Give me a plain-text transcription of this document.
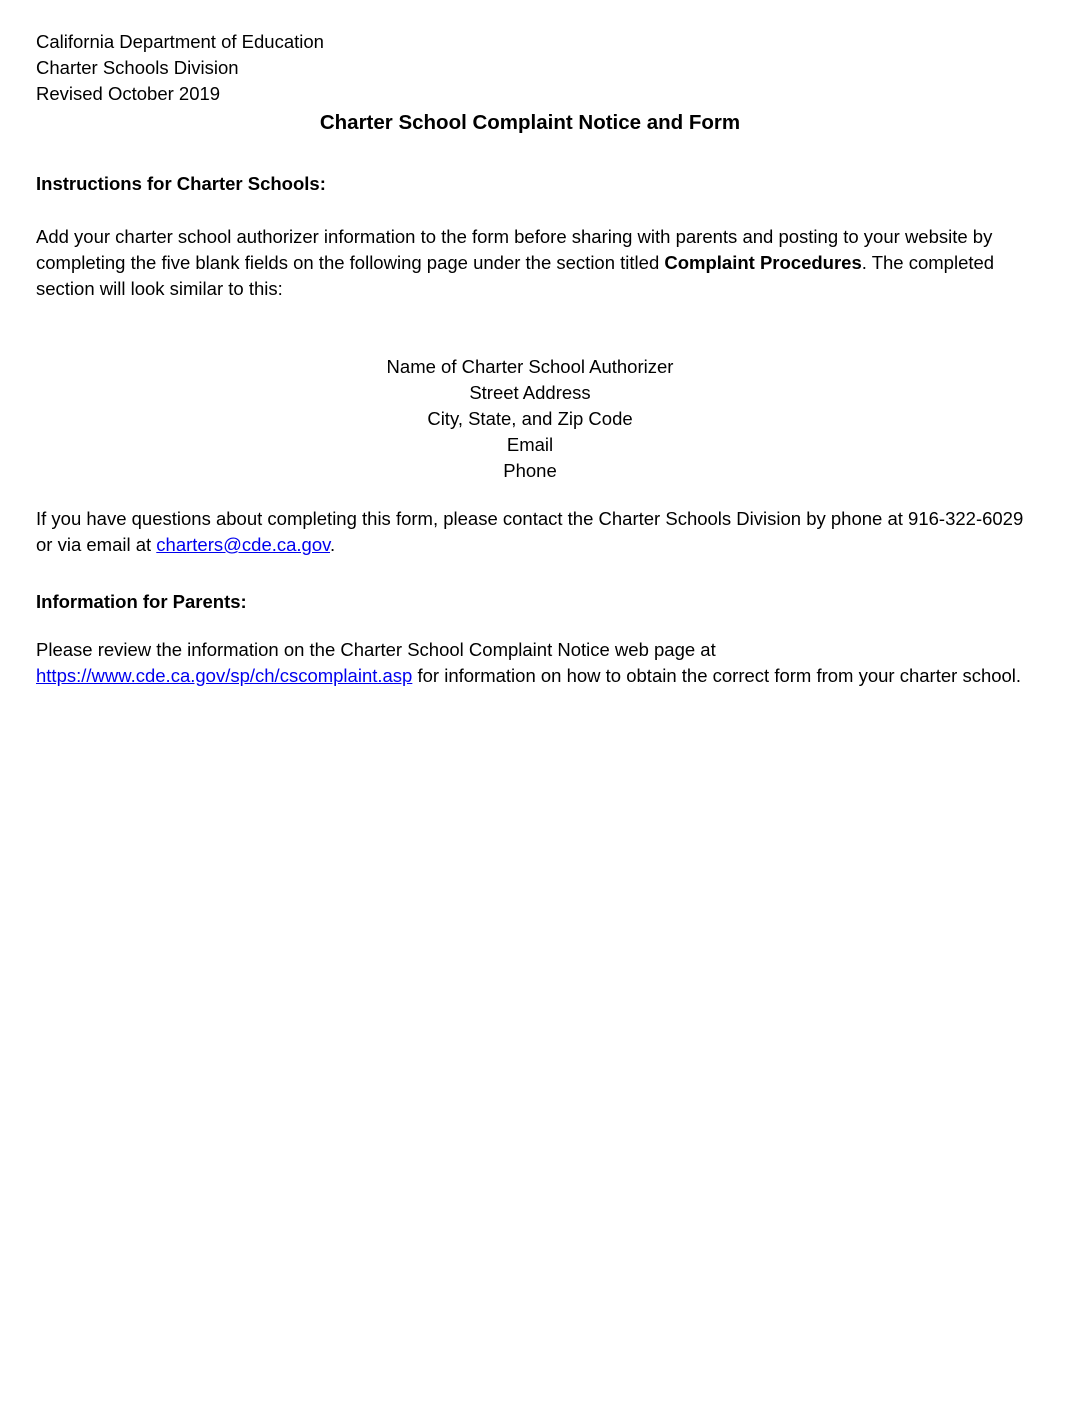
California Department of Education

Charter Schools Division

Revised October 2019

Charter School Complaint Notice and Form
Instructions for Charter Schools:

Add your charter school authorizer information to the form before sharing with parents and posting to your website by completing the five blank fields on the following page under the section titled Complaint Procedures. The completed section will look similar to this:

Name of Charter School Authorizer

Street Address

City, State, and Zip Code

Email

Phone

If you have questions about completing this form, please contact the Charter Schools Division by phone at 916-322-6029 or via email at charters@cde.ca.gov.

Information for Parents:

Please review the information on the Charter School Complaint Notice web page at https://www.cde.ca.gov/sp/ch/cscomplaint.asp for information on how to obtain the correct form from your charter school.
